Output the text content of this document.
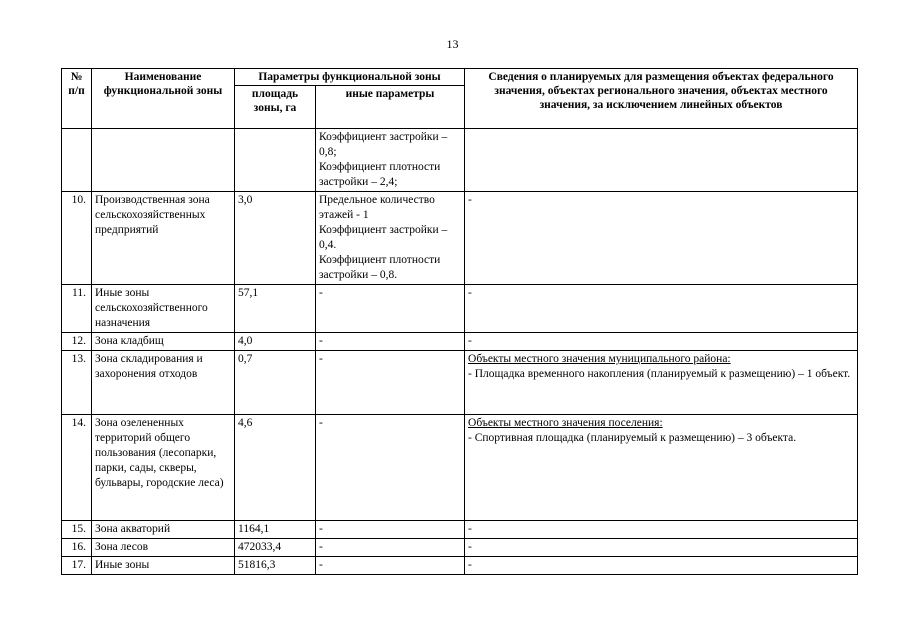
13
№ п/п	Наименование функциональной зоны	Параметры функциональной зоны		Сведения о планируемых для размещения объектах федерального значения, объектах регионального значения, объектах местного значения, за исключением линейных объектов
		площадь зоны, га	иные параметры	

			Коэффициент застройки – 0,8;
Коэффициент плотности застройки – 2,4;	

10.	Производственная зона сельскохозяйственных предприятий	3,0	Предельное количество этажей - 1
Коэффициент застройки – 0,4.
Коэффициент плотности застройки – 0,8.	-

11.	Иные зоны сельскохозяйственного назначения	57,1	-	-

12.	Зона кладбищ	4,0	-	-

13.	Зона складирования и захоронения отходов	0,7	-	Объекты местного значения муниципального района:
- Площадка временного накопления (планируемый к размещению) – 1 объект.

14.	Зона озелененных территорий общего пользования (лесопарки, парки, сады, скверы, бульвары, городские леса)	4,6	-	Объекты местного значения поселения:
- Спортивная площадка (планируемый к размещению) – 3 объекта.

15.	Зона акваторий	1164,1	-	-

16.	Зона лесов	472033,4	-	-

17.	Иные зоны	51816,3	-	-
